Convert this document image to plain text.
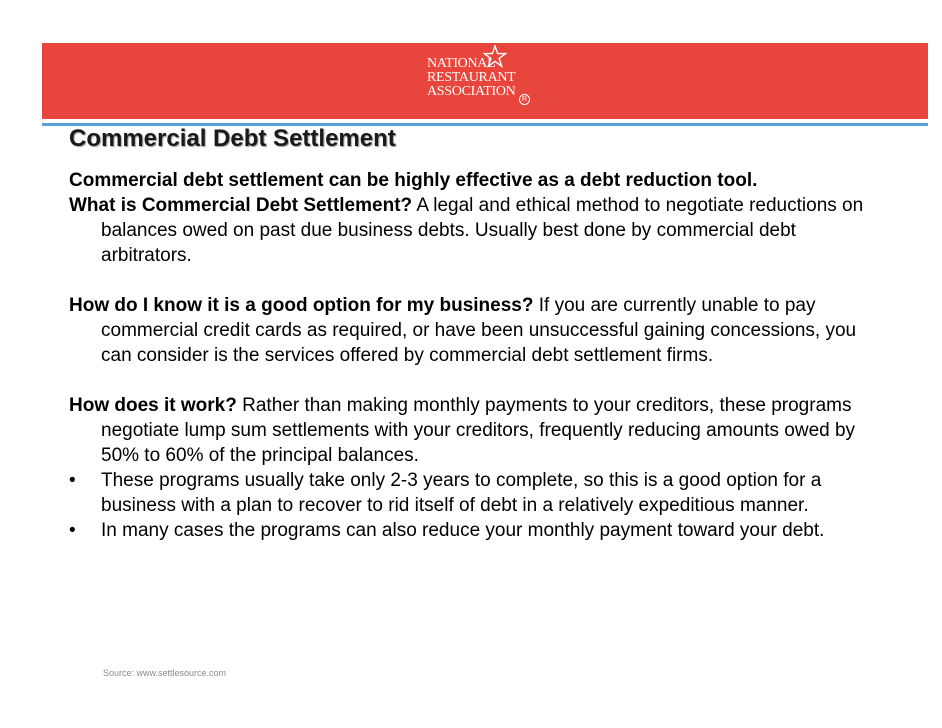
NATIONAL
RESTAURANT
ASSOCIATION
R
Commercial Debt Settlement

Commercial debt settlement can be highly effective as a debt reduction tool.

What is Commercial Debt Settlement? A legal and ethical method to negotiate reductions on balances owed on past due business debts. Usually best done by commercial debt arbitrators.

How do I know it is a good option for my business? If you are currently unable to pay commercial credit cards as required, or have been unsuccessful gaining concessions, you can consider is the services offered by commercial debt settlement firms.

How does it work? Rather than making monthly payments to your creditors, these programs negotiate lump sum settlements with your creditors, frequently reducing amounts owed by 50% to 60% of the principal balances.

• These programs usually take only 2-3 years to complete, so this is a good option for a business with a plan to recover to rid itself of debt in a relatively expeditious manner.

• In many cases the programs can also reduce your monthly payment toward your debt.

Source: www.settlesource.com
